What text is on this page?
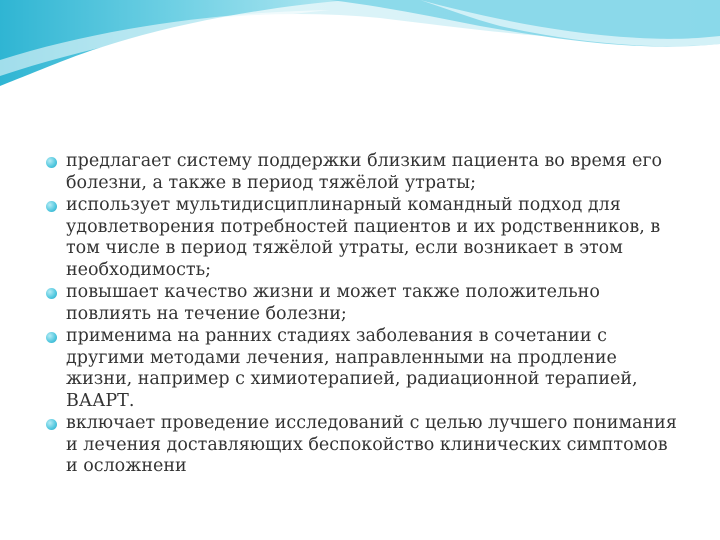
предлагает систему поддержки близким пациента во время его болезни, а также в период тяжёлой утраты;
использует мультидисциплинарный командный подход для удовлетворения потребностей пациентов и их родственников, в том числе в период тяжёлой утраты, если возникает в этом необходимость;
повышает качество жизни и может также положительно повлиять на течение болезни;
применима на ранних стадиях заболевания в сочетании с другими методами лечения, направленными на продление жизни, например с химиотерапией, радиационной терапией, ВААРТ.
включает проведение исследований с целью лучшего понимания и лечения доставляющих беспокойство клинических симптомов и осложнени
